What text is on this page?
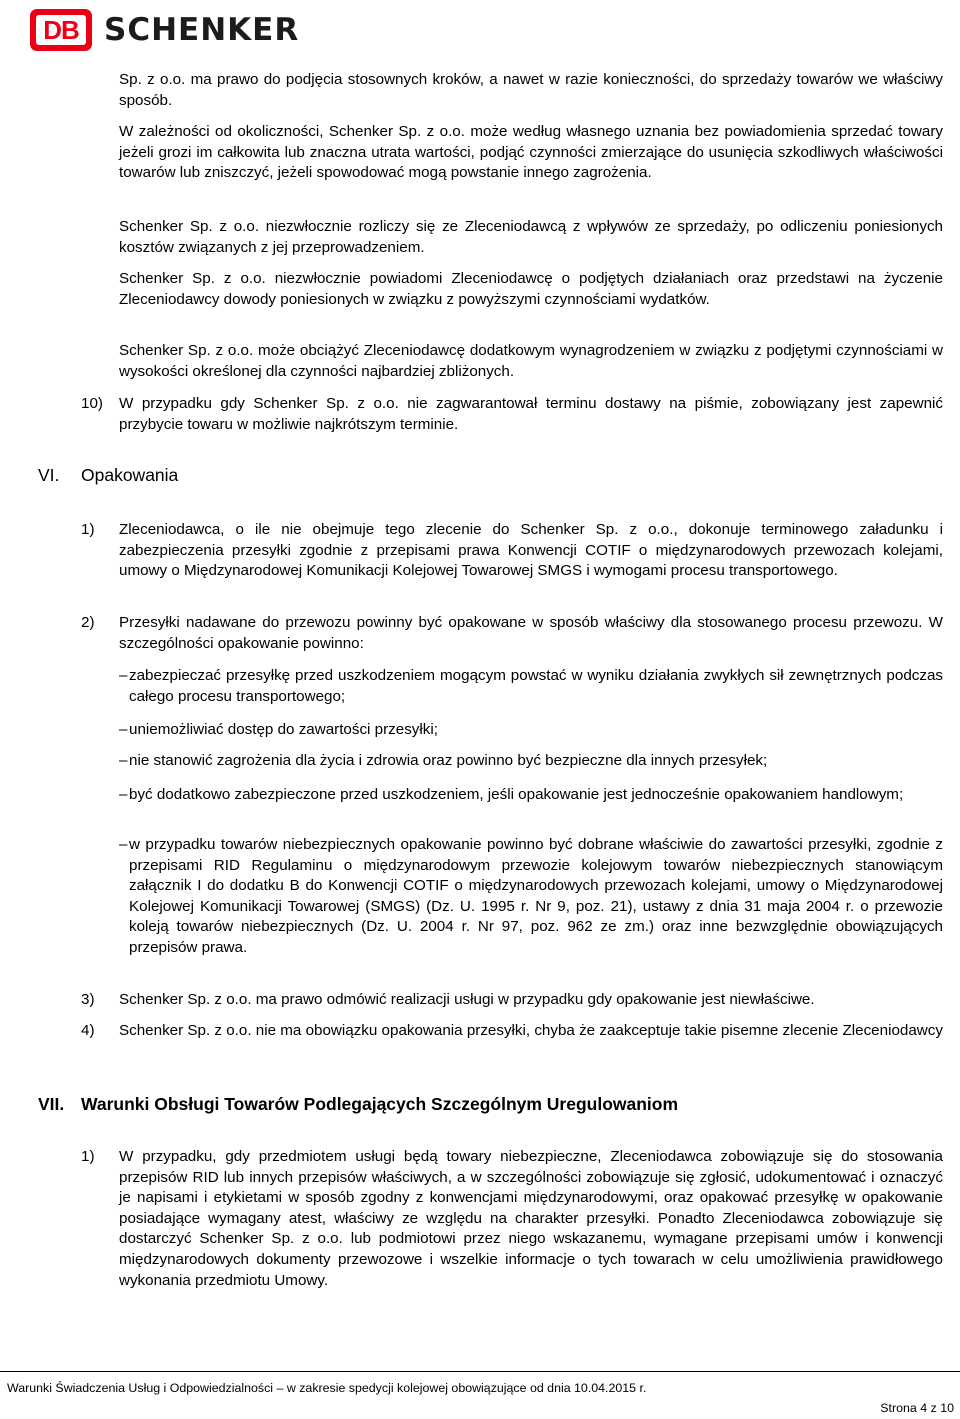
DB SCHENKER
Sp. z o.o. ma prawo do podjęcia stosownych kroków, a nawet w razie konieczności, do sprzedaży towarów we właściwy sposób.
W zależności od okoliczności, Schenker Sp. z o.o. może według własnego uznania bez powiadomienia sprzedać towary jeżeli grozi im całkowita lub znaczna utrata wartości, podjąć czynności zmierzające do usunięcia szkodliwych właściwości towarów lub zniszczyć, jeżeli spowodować mogą powstanie innego zagrożenia.
Schenker Sp. z o.o. niezwłocznie rozliczy się ze Zleceniodawcą z wpływów ze sprzedaży, po odliczeniu poniesionych kosztów związanych z jej przeprowadzeniem.
Schenker Sp. z o.o. niezwłocznie powiadomi Zleceniodawcę o podjętych działaniach oraz przedstawi na życzenie Zleceniodawcy dowody poniesionych w związku z powyższymi czynnościami wydatków.
Schenker Sp. z o.o. może obciążyć Zleceniodawcę dodatkowym wynagrodzeniem w związku z podjętymi czynnościami w wysokości określonej dla czynności najbardziej zbliżonych.
10) W przypadku gdy Schenker Sp. z o.o. nie zagwarantował terminu dostawy na piśmie, zobowiązany jest zapewnić przybycie towaru w możliwie najkrótszym terminie.
VI. Opakowania
1) Zleceniodawca, o ile nie obejmuje tego zlecenie do Schenker Sp. z o.o., dokonuje terminowego załadunku i zabezpieczenia przesyłki zgodnie z przepisami prawa Konwencji COTIF o międzynarodowych przewozach kolejami, umowy o Międzynarodowej Komunikacji Kolejowej Towarowej SMGS i wymogami procesu transportowego.
2) Przesyłki nadawane do przewozu powinny być opakowane w sposób właściwy dla stosowanego procesu przewozu. W szczególności opakowanie powinno:
– zabezpieczać przesyłkę przed uszkodzeniem mogącym powstać w wyniku działania zwykłych sił zewnętrznych podczas całego procesu transportowego;
– uniemożliwiać dostęp do zawartości przesyłki;
– nie stanowić zagrożenia dla życia i zdrowia oraz powinno być bezpieczne dla innych przesyłek;
– być dodatkowo zabezpieczone przed uszkodzeniem, jeśli opakowanie jest jednocześnie opakowaniem handlowym;
– w przypadku towarów niebezpiecznych opakowanie powinno być dobrane właściwie do zawartości przesyłki, zgodnie z przepisami RID Regulaminu o międzynarodowym przewozie kolejowym towarów niebezpiecznych stanowiącym załącznik I do dodatku B do Konwencji COTIF o międzynarodowych przewozach kolejami, umowy o Międzynarodowej Kolejowej Komunikacji Towarowej (SMGS) (Dz. U. 1995 r. Nr 9, poz. 21), ustawy z dnia 31 maja 2004 r. o przewozie koleją towarów niebezpiecznych (Dz. U. 2004 r. Nr 97, poz. 962 ze zm.) oraz inne bezwzględnie obowiązujących przepisów prawa.
3) Schenker Sp. z o.o. ma prawo odmówić realizacji usługi w przypadku gdy opakowanie jest niewłaściwe.
4) Schenker Sp. z o.o. nie ma obowiązku opakowania przesyłki, chyba że zaakceptuje takie pisemne zlecenie Zleceniodawcy
VII. Warunki Obsługi Towarów Podlegających Szczególnym Uregulowaniom
1) W przypadku, gdy przedmiotem usługi będą towary niebezpieczne, Zleceniodawca zobowiązuje się do stosowania przepisów RID lub innych przepisów właściwych, a w szczególności zobowiązuje się zgłosić, udokumentować i oznaczyć je napisami i etykietami w sposób zgodny z konwencjami międzynarodowymi, oraz opakować przesyłkę w opakowanie posiadające wymagany atest, właściwy ze względu na charakter przesyłki. Ponadto Zleceniodawca zobowiązuje się dostarczyć Schenker Sp. z o.o. lub podmiotowi przez niego wskazanemu, wymagane przepisami umów i konwencji międzynarodowych dokumenty przewozowe i wszelkie informacje o tych towarach w celu umożliwienia prawidłowego wykonania przedmiotu Umowy.
Warunki Świadczenia Usług i Odpowiedzialności – w zakresie spedycji kolejowej obowiązujące od dnia 10.04.2015 r.
Strona 4 z 10
